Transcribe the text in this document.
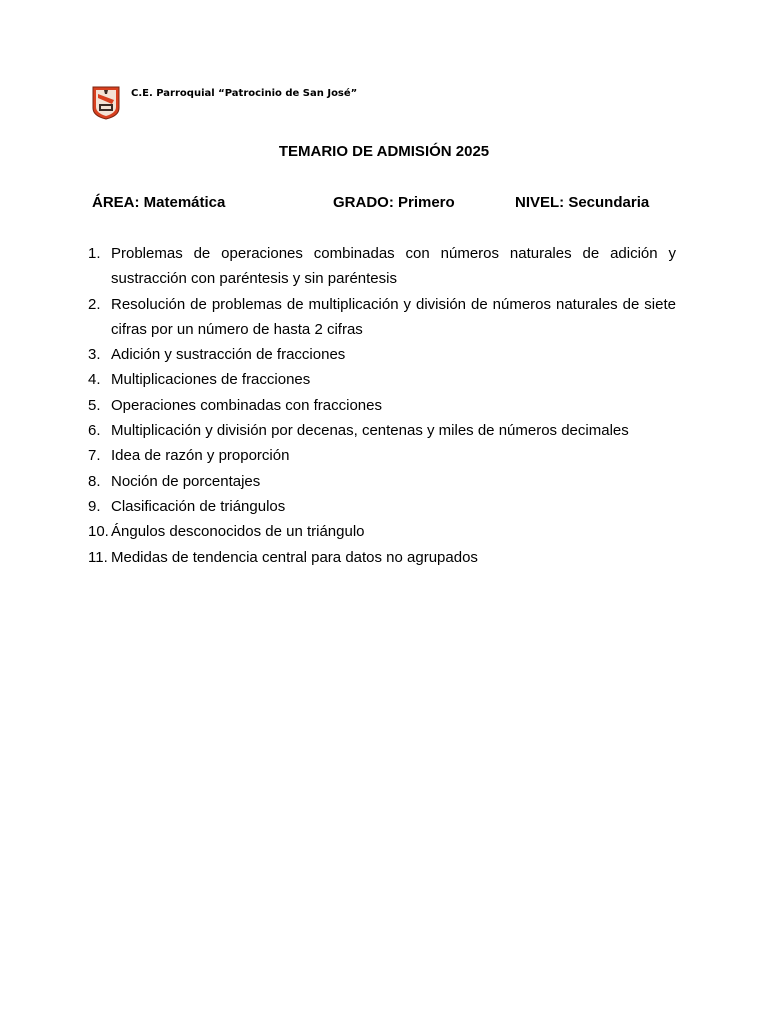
C.E. Parroquial “Patrocinio de San José”
TEMARIO DE ADMISIÓN 2025
ÁREA: Matemática	GRADO: Primero	NIVEL: Secundaria
1. Problemas de operaciones combinadas con números naturales de adición y sustracción con paréntesis y sin paréntesis
2. Resolución de problemas de multiplicación y división de números naturales de siete cifras por un número de hasta 2 cifras
3. Adición y sustracción de fracciones
4. Multiplicaciones de fracciones
5. Operaciones combinadas con fracciones
6. Multiplicación y división por decenas, centenas y miles de números decimales
7. Idea de razón y proporción
8. Noción de porcentajes
9. Clasificación de triángulos
10. Ángulos desconocidos de un triángulo
11. Medidas de tendencia central para datos no agrupados
